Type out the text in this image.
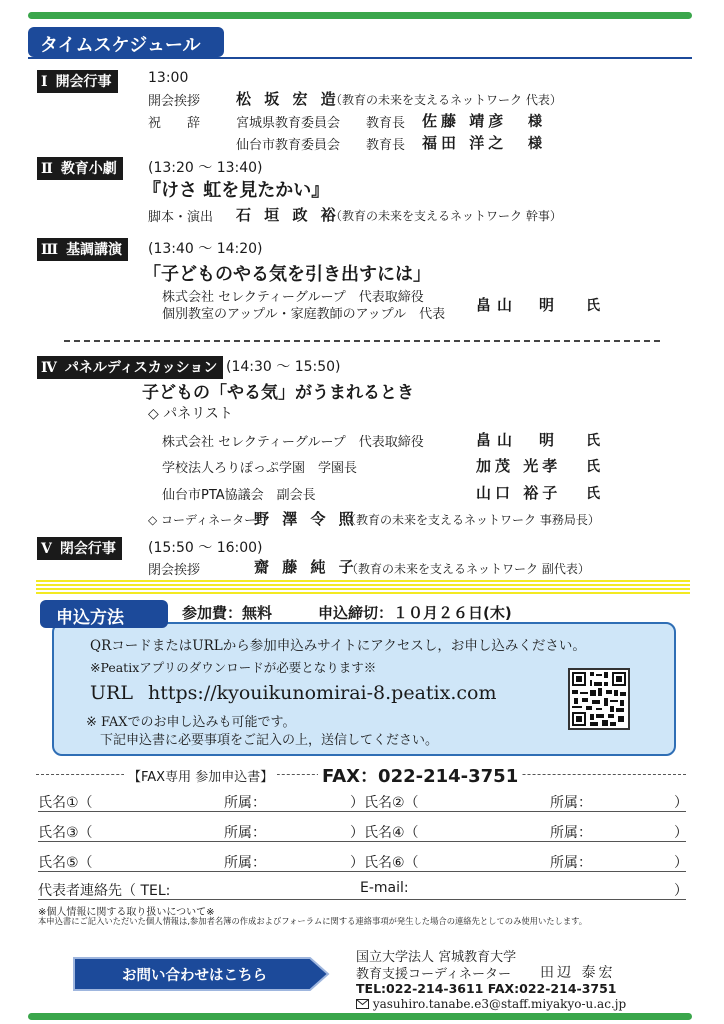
タイムスケジュール
Ⅰ 開会行事	13:00
開会挨拶 松 坂 宏 造
（教育の未来を支えるネットワーク 代表）
祝　　辞	宮城県教育委員会 教育長 佐藤 靖彦 様
仙台市教育委員会 教育長 福田 洋之 様
Ⅱ 教育小劇	(13:20 ～ 13:40)
『けさ 虹を見たかい』
脚本・演出 石 垣 政 裕
（教育の未来を支えるネットワーク 幹事）
Ⅲ 基調講演	(13:40 ～ 14:20)
「子どものやる気を引き出すには」
株式会社 セレクティーグループ　代表取締役
個別教室のアップル・家庭教師のアップル　代表
畠山　明 氏
Ⅳ パネルディスカッション (14:30 ～ 15:50)
子どもの「やる気」がうまれるとき
◇ パネリスト
株式会社 セレクティーグループ　代表取締役	畠山　明 氏
学校法人ろりぽっぷ学園　学園長	加茂 光孝 氏
仙台市PTA協議会　副会長	山口 裕子 氏
◇ コーディネーター
野 澤 令 照
（教育の未来を支えるネットワーク 事務局長）
Ⅴ 閉会行事	(15:50 ～ 16:00)
閉会挨拶	齋 藤 純 子
（教育の未来を支えるネットワーク 副代表）
申込方法	参加費：無料	申込締切：１０月２６日(木)
QRコードまたはURLから参加申込みサイトにアクセスし，お申し込みください。
※Peatixアプリのダウンロードが必要となります※
URL https://kyouikunomirai-8.peatix.com
※ FAXでのお申し込みも可能です。
下記申込書に必要事項をご記入の上，送信してください。
【FAX専用 参加申込書】	FAX：022-214-3751
氏名①（	所属：	） 氏名②（	所属：	）
氏名③（	所属：	） 氏名④（	所属：	）
氏名⑤（	所属：	） 氏名⑥（	所属：	）
代表者連絡先（ TEL:	E-mail:	）
※個人情報に関する取り扱いについて※
本申込書にご記入いただいた個人情報は,参加者名簿の作成およびフォーラムに関する連絡事項が発生した場合の連絡先としてのみ使用いたします。
お問い合わせはこちら
国立大学法人 宮城教育大学
教育支援コーディネーター 田辺 泰宏
TEL:022-214-3611 FAX:022-214-3751
yasuhiro.tanabe.e3@staff.miyakyo-u.ac.jp
